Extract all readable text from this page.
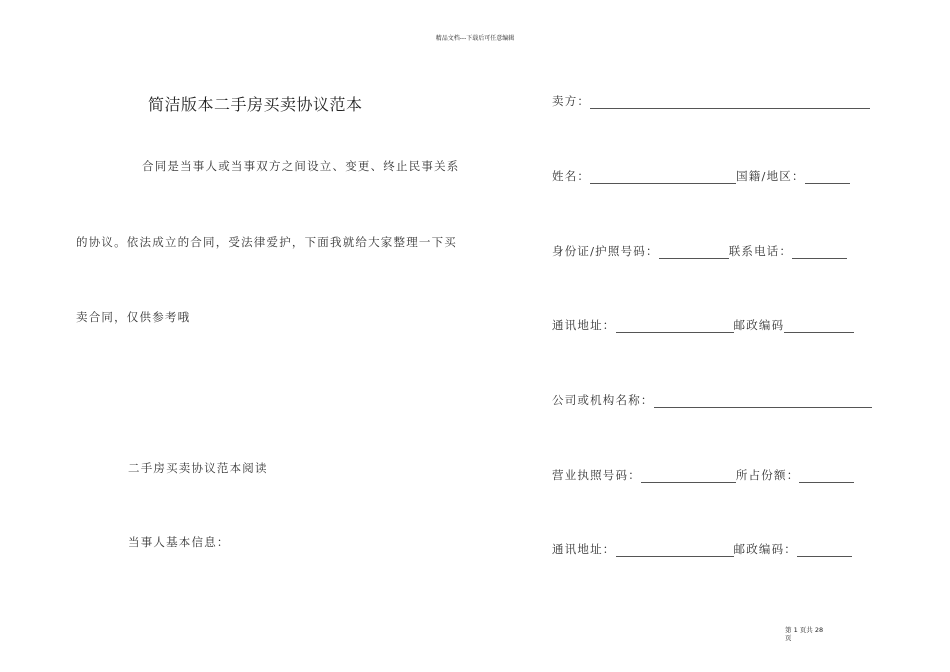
精品文档---下载后可任意编辑
简洁版本二手房买卖协议范本
合同是当事人或当事双方之间设立、变更、终止民事关系
的协议。依法成立的合同，受法律爱护，下面我就给大家整理一下买
卖合同，仅供参考哦
二手房买卖协议范本阅读
当事人基本信息：
卖方：
姓名：	国籍/地区：
身份证/护照号码：	联系电话：
通讯地址：	邮政编码
公司或机构名称：
营业执照号码：	所占份额：
通讯地址：	邮政编码：
第 1 页共 28
页
